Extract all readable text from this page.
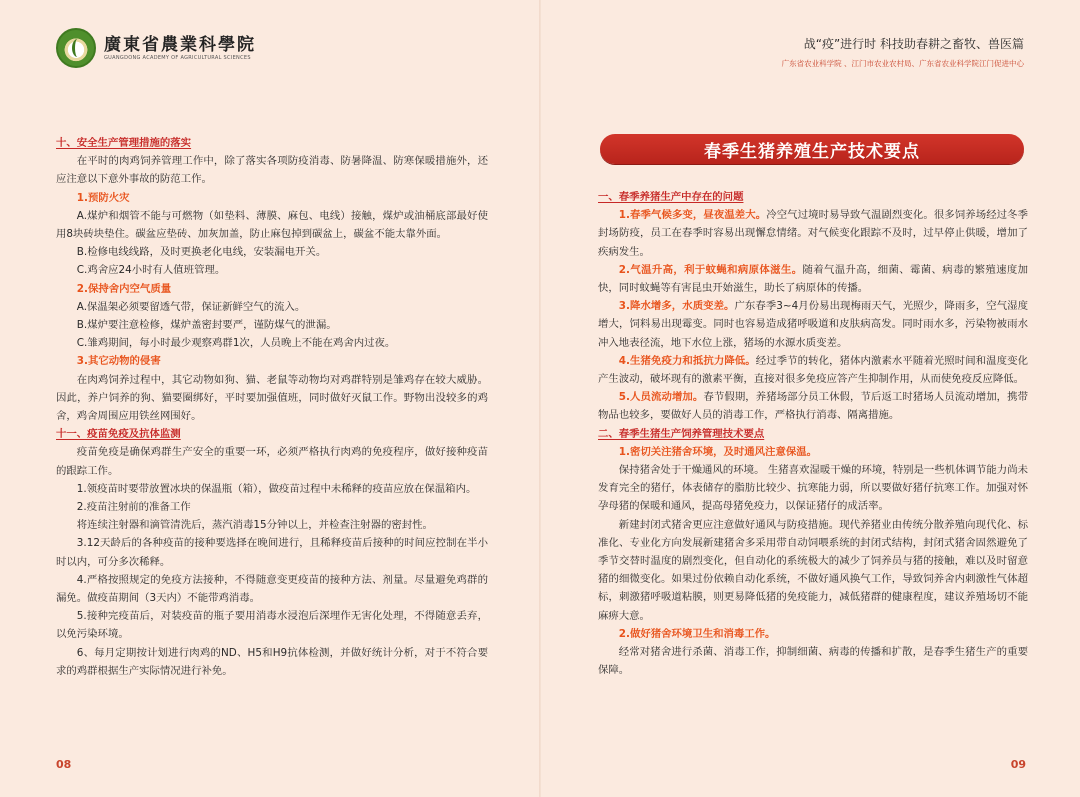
廣東省農業科學院
GUANGDONG ACADEMY OF AGRICULTURAL SCIENCES
战“疫”进行时 科技助春耕之畜牧、兽医篇
广东省农业科学院 、江门市农业农村局、广东省农业科学院江门促进中心

十、安全生产管理措施的落实

在平时的肉鸡饲养管理工作中，除了落实各项防疫消毒、防暑降温、防寒保暖措施外，还应注意以下意外事故的防范工作。

1.预防火灾

A.煤炉和烟管不能与可燃物（如垫料、薄膜、麻包、电线）接触，煤炉或油桶底部最好使用8块砖块垫住。碳盆应垫砖、加灰加盖，防止麻包掉到碳盆上，碳盆不能太靠外面。

B.检修电线线路，及时更换老化电线，安装漏电开关。

C.鸡舍应24小时有人值班管理。

2.保持舍内空气质量

A.保温架必须要留透气带，保证新鲜空气的流入。

B.煤炉要注意检修，煤炉盖密封要严，谨防煤气的泄漏。

C.雏鸡期间，每小时最少观察鸡群1次，人员晚上不能在鸡舍内过夜。

3.其它动物的侵害

在肉鸡饲养过程中，其它动物如狗、猫、老鼠等动物均对鸡群特别是雏鸡存在较大威胁。因此，养户饲养的狗、猫要圈绑好，平时要加强值班，同时做好灭鼠工作。野物出没较多的鸡舍，鸡舍周围应用铁丝网围好。

十一、疫苗免疫及抗体监测

疫苗免疫是确保鸡群生产安全的重要一环，必须严格执行肉鸡的免疫程序，做好接种疫苗的跟踪工作。

1.领疫苗时要带放置冰块的保温瓶（箱），做疫苗过程中未稀释的疫苗应放在保温箱内。

2.疫苗注射前的准备工作

将连续注射器和滴管清洗后，蒸汽消毒15分钟以上，并检查注射器的密封性。

3.12天龄后的各种疫苗的接种要选择在晚间进行，且稀释疫苗后接种的时间应控制在半小时以内，可分多次稀释。

4.严格按照规定的免疫方法接种，不得随意变更疫苗的接种方法、剂量。尽量避免鸡群的漏免。做疫苗期间（3天内）不能带鸡消毒。

5.接种完疫苗后，对装疫苗的瓶子要用消毒水浸泡后深埋作无害化处理，不得随意丢弃，以免污染环境。

6、每月定期按计划进行肉鸡的ND、H5和H9抗体检测，并做好统计分析，对于不符合要求的鸡群根据生产实际情况进行补免。

08
春季生猪养殖生产技术要点

一、春季养猪生产中存在的问题

1.春季气候多变，昼夜温差大。冷空气过境时易导致气温剧烈变化。很多饲养场经过冬季封场防疫，员工在春季时容易出现懈怠情绪。对气候变化跟踪不及时，过早停止供暖，增加了疾病发生。

2.气温升高，利于蚊蝇和病原体滋生。随着气温升高，细菌、霉菌、病毒的繁殖速度加快，同时蚊蝇等有害昆虫开始滋生，助长了病原体的传播。

3.降水增多，水质变差。广东春季3~4月份易出现梅雨天气，光照少，降雨多，空气湿度增大，饲料易出现霉变。同时也容易造成猪呼吸道和皮肤病高发。同时雨水多，污染物被雨水冲入地表径流，地下水位上涨，猪场的水源水质变差。

4.生猪免疫力和抵抗力降低。经过季节的转化，猪体内激素水平随着光照时间和温度变化产生波动，破坏现有的激素平衡，直接对很多免疫应答产生抑制作用，从而使免疫反应降低。

5.人员流动增加。春节假期，养猪场部分员工休假，节后返工时猪场人员流动增加，携带物品也较多，要做好人员的消毒工作，严格执行消毒、隔离措施。

二、春季生猪生产饲养管理技术要点

1.密切关注猪舍环境，及时通风注意保温。

保持猪舍处于干燥通风的环境。 生猪喜欢湿暖干燥的环境，特别是一些机体调节能力尚未发育完全的猪仔，体表储存的脂肪比较少、抗寒能力弱，所以要做好猪仔抗寒工作。加强对怀孕母猪的保暖和通风，提高母猪免疫力，以保证猪仔的成活率。

新建封闭式猪舍更应注意做好通风与防疫措施。现代养猪业由传统分散养殖向现代化、标准化、专业化方向发展新建猪舍多采用带自动饲喂系统的封闭式结构，封闭式猪舍固然避免了季节交替时温度的剧烈变化，但自动化的系统极大的减少了饲养员与猪的接触，难以及时留意猪的细微变化。如果过份依赖自动化系统，不做好通风换气工作，导致饲养舍内刺激性气体超标，刺激猪呼吸道粘膜，则更易降低猪的免疫能力，减低猪群的健康程度，建议养殖场切不能麻痹大意。

2.做好猪舍环境卫生和消毒工作。

经常对猪舍进行杀菌、消毒工作，抑制细菌、病毒的传播和扩散，是春季生猪生产的重要保障。

09
